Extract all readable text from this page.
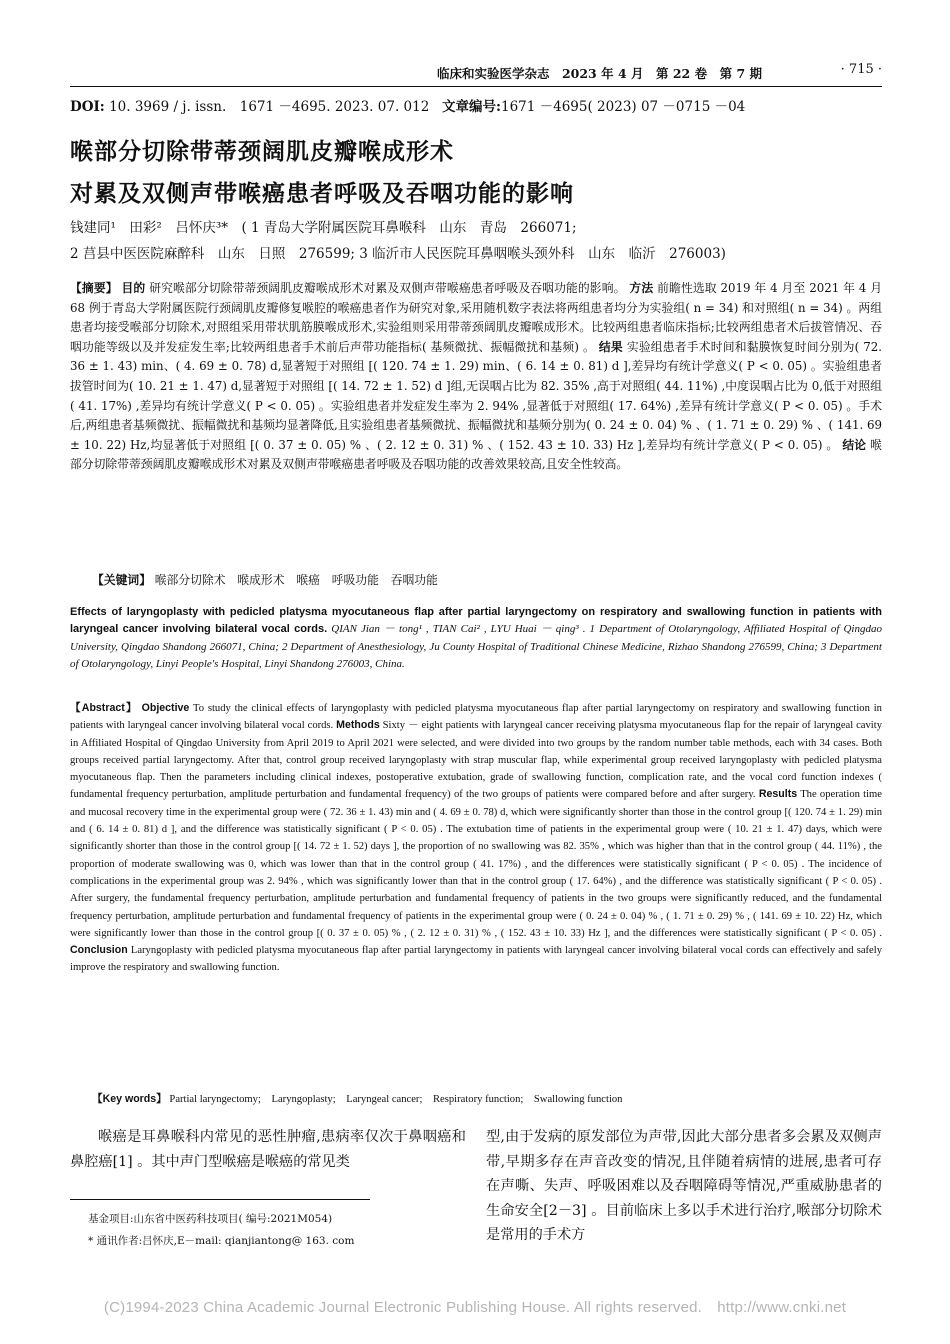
临床和实验医学杂志　2023 年 4 月　第 22 卷　第 7 期	· 715 ·
DOI: 10. 3969 / j. issn.　1671 －4695. 2023. 07. 012 文章编号:1671 －4695( 2023) 07 －0715 －04
喉部分切除带蒂颈阔肌皮瓣喉成形术
对累及双侧声带喉癌患者呼吸及吞咽功能的影响
钱建同¹　田彩²　吕怀庆³*　( 1 青岛大学附属医院耳鼻喉科　山东　青岛　266071;
2 莒县中医医院麻醉科　山东　日照　276599; 3 临沂市人民医院耳鼻咽喉头颈外科　山东　临沂　276003)
【摘要】 目的 研究喉部分切除带蒂颈阔肌皮瓣喉成形术对累及双侧声带喉癌患者呼吸及吞咽功能的影响。 方法 前瞻性选取 2019 年 4 月至 2021 年 4 月 68 例于青岛大学附属医院行颈阔肌皮瓣修复喉腔的喉癌患者作为研究对象,采用随机数字表法将两组患者均分为实验组( n = 34) 和对照组( n = 34) 。两组患者均接受喉部分切除术,对照组采用带状肌筋膜喉成形术,实验组则采用带蒂颈阔肌皮瓣喉成形术。比较两组患者临床指标;比较两组患者术后拔管情况、吞咽功能等级以及并发症发生率;比较两组患者手术前后声带功能指标( 基频微扰、振幅微扰和基频) 。 结果 实验组患者手术时间和黏膜恢复时间分别为( 72. 36 ± 1. 43) min、( 4. 69 ± 0. 78) d,显著短于对照组 [( 120. 74 ± 1. 29) min、( 6. 14 ± 0. 81) d ],差异均有统计学意义( P < 0. 05) 。实验组患者拔管时间为( 10. 21 ± 1. 47) d,显著短于对照组 [( 14. 72 ± 1. 52) d ]组,无误咽占比为 82. 35% ,高于对照组( 44. 11%) ,中度误咽占比为 0,低于对照组( 41. 17%) ,差异均有统计学意义( P < 0. 05) 。实验组患者并发症发生率为 2. 94% ,显著低于对照组( 17. 64%) ,差异有统计学意义( P < 0. 05) 。手术后,两组患者基频微扰、振幅微扰和基频均显著降低,且实验组患者基频微扰、振幅微扰和基频分别为( 0. 24 ± 0. 04) % 、( 1. 71 ± 0. 29) % 、( 141. 69 ± 10. 22) Hz,均显著低于对照组 [( 0. 37 ± 0. 05) % 、( 2. 12 ± 0. 31) % 、( 152. 43 ± 10. 33) Hz ],差异均有统计学意义( P < 0. 05) 。 结论 喉部分切除带蒂颈阔肌皮瓣喉成形术对累及双侧声带喉癌患者呼吸及吞咽功能的改善效果较高,且安全性较高。
【关键词】 喉部分切除术　喉成形术　喉癌　呼吸功能　吞咽功能
Effects of laryngoplasty with pedicled platysma myocutaneous flap after partial laryngectomy on respiratory and swallowing function in patients with laryngeal cancer involving bilateral vocal cords. QIAN Jian － tong¹ , TIAN Cai² , LYU Huai － qing³ . 1 Department of Otolaryngology, Affiliated Hospital of Qingdao University, Qingdao Shandong 266071, China; 2 Department of Anesthesiology, Ju County Hospital of Traditional Chinese Medicine, Rizhao Shandong 276599, China; 3 Department of Otolaryngology, Linyi People's Hospital, Linyi Shandong 276003, China.
【Abstract】 Objective To study the clinical effects of laryngoplasty with pedicled platysma myocutaneous flap after partial laryngectomy on respiratory and swallowing function in patients with laryngeal cancer involving bilateral vocal cords. Methods Sixty － eight patients with laryngeal cancer receiving platysma myocutaneous flap for the repair of laryngeal cavity in Affiliated Hospital of Qingdao University from April 2019 to April 2021 were selected, and were divided into two groups by the random number table methods, each with 34 cases. Both groups received partial laryngectomy. After that, control group received laryngoplasty with strap muscular flap, while experimental group received laryngoplasty with pedicled platysma myocutaneous flap. Then the parameters including clinical indexes, postoperative extubation, grade of swallowing function, complication rate, and the vocal cord function indexes ( fundamental frequency perturbation, amplitude perturbation and fundamental frequency) of the two groups of patients were compared before and after surgery. Results The operation time and mucosal recovery time in the experimental group were ( 72. 36 ± 1. 43) min and ( 4. 69 ± 0. 78) d, which were significantly shorter than those in the control group [( 120. 74 ± 1. 29) min and ( 6. 14 ± 0. 81) d ], and the difference was statistically significant ( P < 0. 05) . The extubation time of patients in the experimental group were ( 10. 21 ± 1. 47) days, which were significantly shorter than those in the control group [( 14. 72 ± 1. 52) days ], the proportion of no swallowing was 82. 35% , which was higher than that in the control group ( 44. 11%) , the proportion of moderate swallowing was 0, which was lower than that in the control group ( 41. 17%) , and the differences were statistically significant ( P < 0. 05) . The incidence of complications in the experimental group was 2. 94% , which was significantly lower than that in the control group ( 17. 64%) , and the difference was statistically significant ( P < 0. 05) . After surgery, the fundamental frequency perturbation, amplitude perturbation and fundamental frequency of patients in the two groups were significantly reduced, and the fundamental frequency perturbation, amplitude perturbation and fundamental frequency of patients in the experimental group were ( 0. 24 ± 0. 04) % , ( 1. 71 ± 0. 29) % , ( 141. 69 ± 10. 22) Hz, which were significantly lower than those in the control group [( 0. 37 ± 0. 05) % , ( 2. 12 ± 0. 31) % , ( 152. 43 ± 10. 33) Hz ], and the differences were statistically significant ( P < 0. 05) . Conclusion Laryngoplasty with pedicled platysma myocutaneous flap after partial laryngectomy in patients with laryngeal cancer involving bilateral vocal cords can effectively and safely improve the respiratory and swallowing function.
【Key words】 Partial laryngectomy;　Laryngoplasty;　Laryngeal cancer;　Respiratory function;　Swallowing function
喉癌是耳鼻喉科内常见的恶性肿瘤,患病率仅次于鼻咽癌和鼻腔癌[1] 。其中声门型喉癌是喉癌的常见类
型,由于发病的原发部位为声带,因此大部分患者多会累及双侧声带,早期多存在声音改变的情况,且伴随着病情的进展,患者可存在声嘶、失声、呼吸困难以及吞咽障碍等情况,严重威胁患者的生命安全[2－3] 。目前临床上多以手术进行治疗,喉部分切除术是常用的手术方
基金项目:山东省中医药科技项目( 编号:2021M054)
* 通讯作者:吕怀庆,E－mail: qianjiantong@ 163. com
(C)1994-2023 China Academic Journal Electronic Publishing House. All rights reserved.　http://www.cnki.net
